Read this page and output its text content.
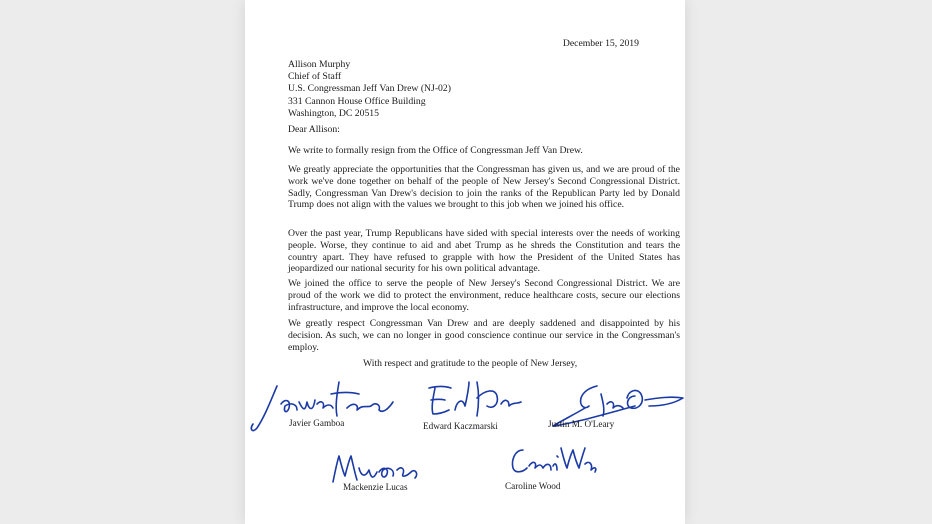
December 15, 2019
Allison Murphy
Chief of Staff
U.S. Congressman Jeff Van Drew (NJ-02)
331 Cannon House Office Building
Washington, DC 20515
Dear Allison:
We write to formally resign from the Office of Congressman Jeff Van Drew.
We greatly appreciate the opportunities that the Congressman has given us, and we are proud of the work we've done together on behalf of the people of New Jersey's Second Congressional District. Sadly, Congressman Van Drew's decision to join the ranks of the Republican Party led by Donald Trump does not align with the values we brought to this job when we joined his office.
Over the past year, Trump Republicans have sided with special interests over the needs of working people. Worse, they continue to aid and abet Trump as he shreds the Constitution and tears the country apart. They have refused to grapple with how the President of the United States has jeopardized our national security for his own political advantage.
We joined the office to serve the people of New Jersey's Second Congressional District. We are proud of the work we did to protect the environment, reduce healthcare costs, secure our elections infrastructure, and improve the local economy.
We greatly respect Congressman Van Drew and are deeply saddened and disappointed by his decision. As such, we can no longer in good conscience continue our service in the Congressman's employ.
With respect and gratitude to the people of New Jersey,
Javier Gamboa	Edward Kaczmarski	Justin M. O'Leary
Mackenzie Lucas	Caroline Wood
